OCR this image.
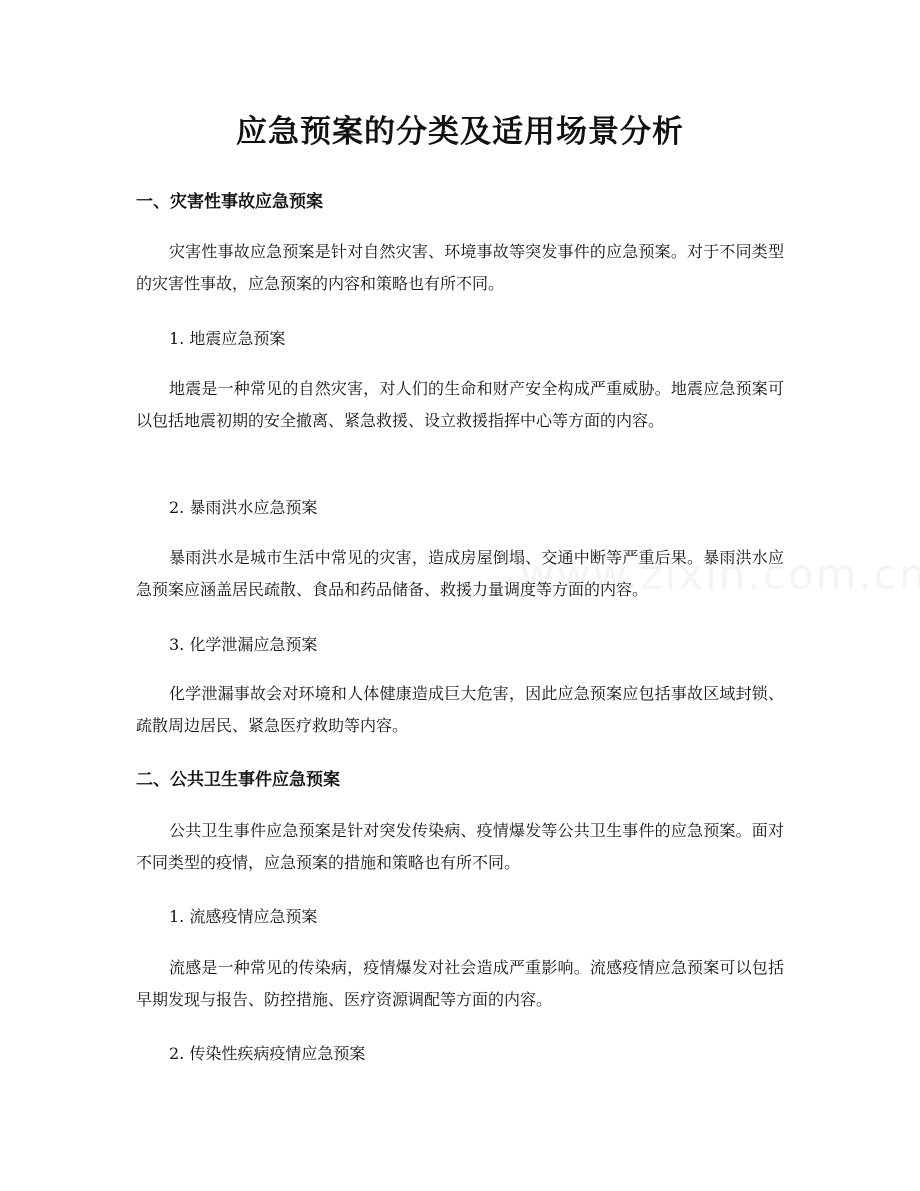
应急预案的分类及适用场景分析
一、灾害性事故应急预案

灾害性事故应急预案是针对自然灾害、环境事故等突发事件的应急预案。对于不同类型的灾害性事故，应急预案的内容和策略也有所不同。

1. 地震应急预案

地震是一种常见的自然灾害，对人们的生命和财产安全构成严重威胁。地震应急预案可以包括地震初期的安全撤离、紧急救援、设立救援指挥中心等方面的内容。

2. 暴雨洪水应急预案

暴雨洪水是城市生活中常见的灾害，造成房屋倒塌、交通中断等严重后果。暴雨洪水应急预案应涵盖居民疏散、食品和药品储备、救援力量调度等方面的内容。

3. 化学泄漏应急预案

化学泄漏事故会对环境和人体健康造成巨大危害，因此应急预案应包括事故区域封锁、疏散周边居民、紧急医疗救助等内容。

二、公共卫生事件应急预案

公共卫生事件应急预案是针对突发传染病、疫情爆发等公共卫生事件的应急预案。面对不同类型的疫情，应急预案的措施和策略也有所不同。

1. 流感疫情应急预案

流感是一种常见的传染病，疫情爆发对社会造成严重影响。流感疫情应急预案可以包括早期发现与报告、防控措施、医疗资源调配等方面的内容。

2. 传染性疾病疫情应急预案
